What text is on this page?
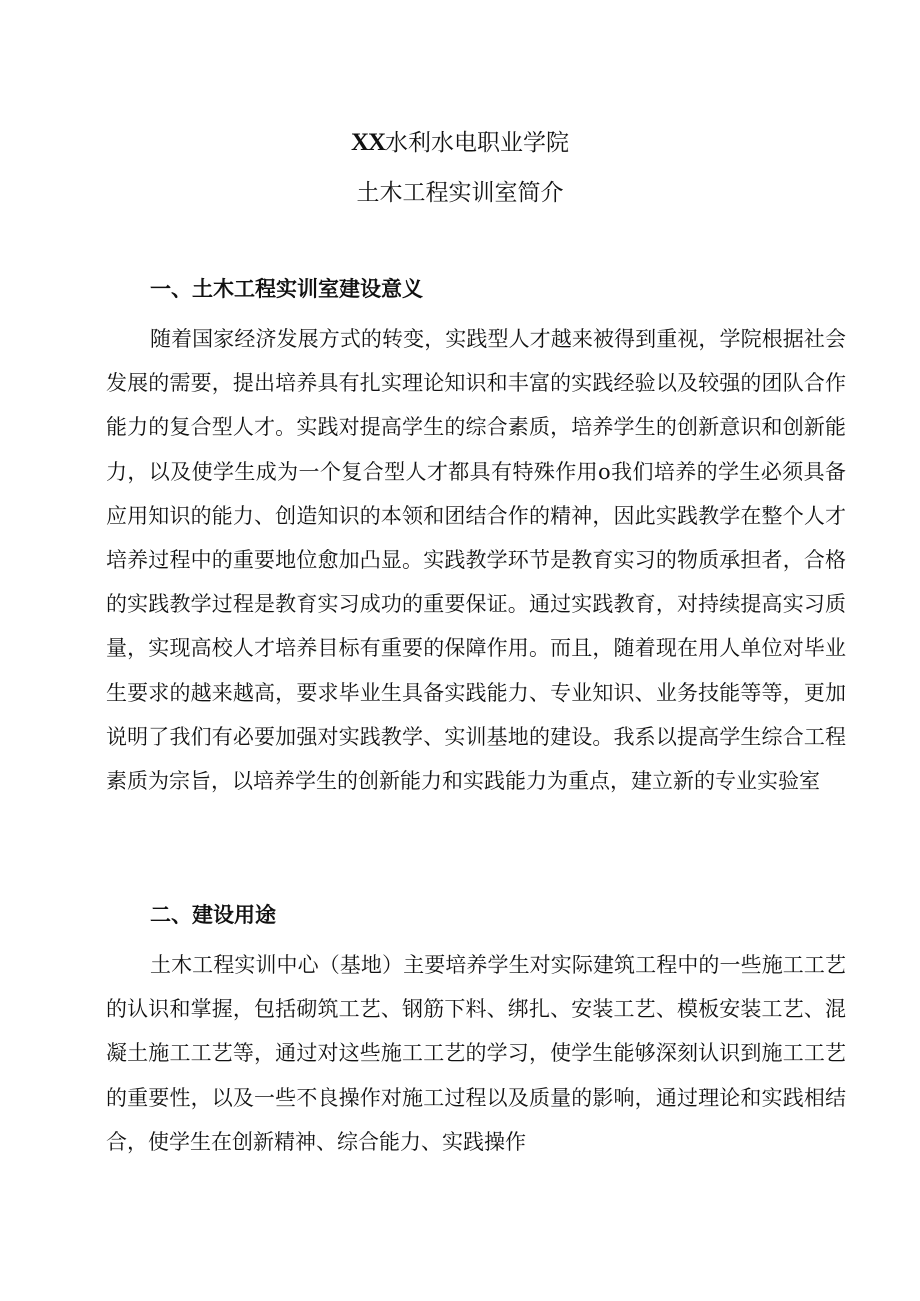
XX水利水电职业学院
土木工程实训室简介
一、土木工程实训室建设意义

随着国家经济发展方式的转变，实践型人才越来被得到重视，学院根据社会发展的需要，提出培养具有扎实理论知识和丰富的实践经验以及较强的团队合作能力的复合型人才。实践对提高学生的综合素质，培养学生的创新意识和创新能力，以及使学生成为一个复合型人才都具有特殊作用o我们培养的学生必须具备应用知识的能力、创造知识的本领和团结合作的精神，因此实践教学在整个人才培养过程中的重要地位愈加凸显。实践教学环节是教育实习的物质承担者，合格的实践教学过程是教育实习成功的重要保证。通过实践教育，对持续提高实习质量，实现高校人才培养目标有重要的保障作用。而且，随着现在用人单位对毕业生要求的越来越高，要求毕业生具备实践能力、专业知识、业务技能等等，更加说明了我们有必要加强对实践教学、实训基地的建设。我系以提高学生综合工程素质为宗旨，以培养学生的创新能力和实践能力为重点，建立新的专业实验室

二、建设用途

土木工程实训中心（基地）主要培养学生对实际建筑工程中的一些施工工艺的认识和掌握，包括砌筑工艺、钢筋下料、绑扎、安装工艺、模板安装工艺、混凝土施工工艺等，通过对这些施工工艺的学习，使学生能够深刻认识到施工工艺的重要性，以及一些不良操作对施工过程以及质量的影响，通过理论和实践相结合，使学生在创新精神、综合能力、实践操作
